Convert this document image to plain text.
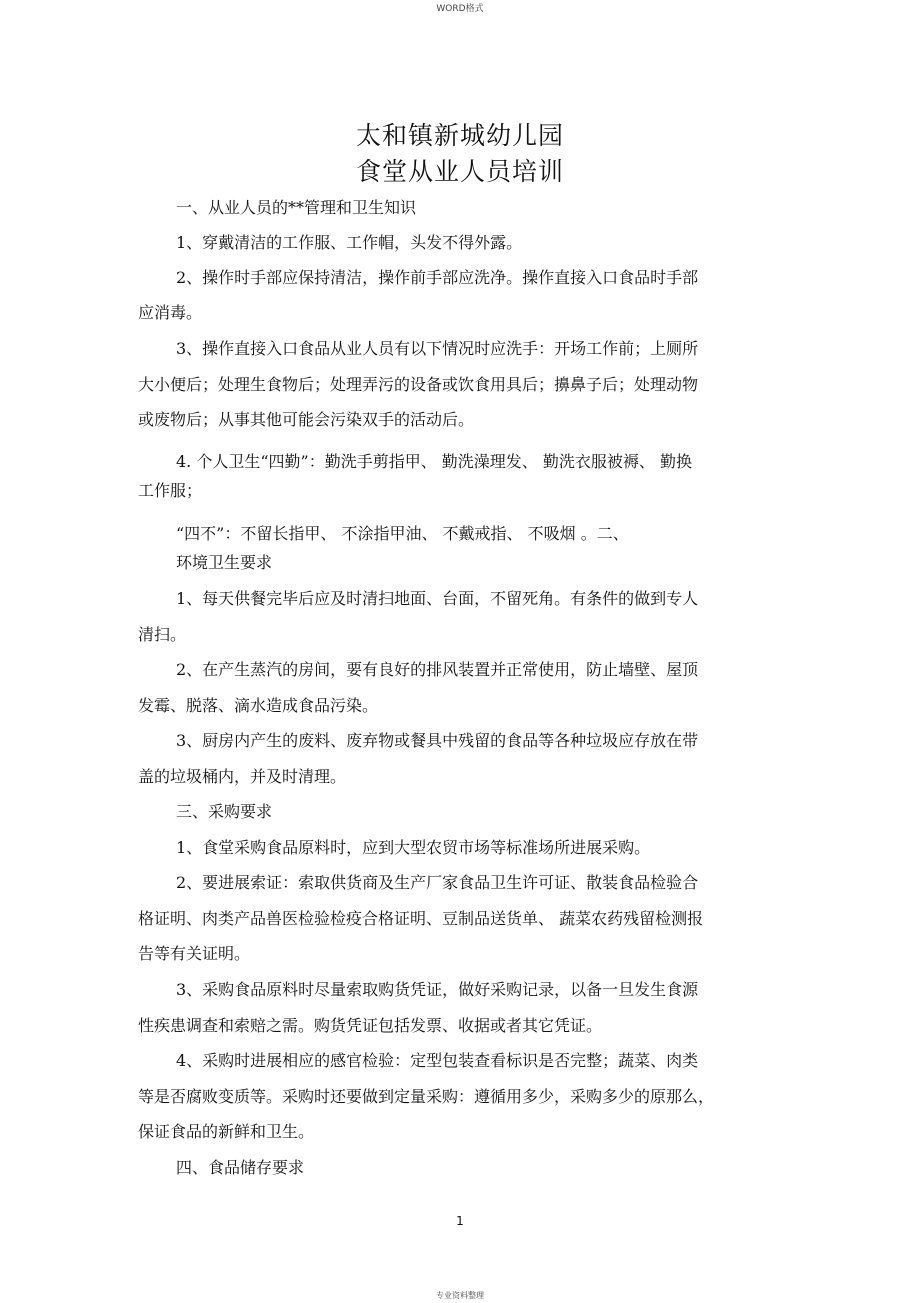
WORD格式
太和镇新城幼儿园
食堂从业人员培训
一、从业人员的**管理和卫生知识
1、穿戴清洁的工作服、工作帽，头发不得外露。
2、操作时手部应保持清洁，操作前手部应洗净。操作直接入口食品时手部
应消毒。
3、操作直接入口食品从业人员有以下情况时应洗手：开场工作前；上厕所
大小便后；处理生食物后；处理弄污的设备或饮食用具后；擤鼻子后；处理动物
或废物后；从事其他可能会污染双手的活动后。
4. 个人卫生“四勤”：勤洗手剪指甲、 勤洗澡理发、 勤洗衣服被褥、 勤换
工作服；
“四不”：不留长指甲、 不涂指甲油、 不戴戒指、 不吸烟 。二、
环境卫生要求
1、每天供餐完毕后应及时清扫地面、台面，不留死角。有条件的做到专人
清扫。
2、在产生蒸汽的房间，要有良好的排风装置并正常使用，防止墙壁、屋顶
发霉、脱落、滴水造成食品污染。
3、厨房内产生的废料、废弃物或餐具中残留的食品等各种垃圾应存放在带
盖的垃圾桶内，并及时清理。
三、采购要求
1、食堂采购食品原料时，应到大型农贸市场等标准场所进展采购。
2、要进展索证：索取供货商及生产厂家食品卫生许可证、散装食品检验合
格证明、肉类产品兽医检验检疫合格证明、豆制品送货单、 蔬菜农药残留检测报
告等有关证明。
3、采购食品原料时尽量索取购货凭证，做好采购记录，以备一旦发生食源
性疾患调查和索赔之需。购货凭证包括发票、收据或者其它凭证。
4、采购时进展相应的感官检验：定型包装查看标识是否完整；蔬菜、肉类
等是否腐败变质等。采购时还要做到定量采购：遵循用多少，采购多少的原那么，
保证食品的新鲜和卫生。
四、食品储存要求
1
专业资料整理
